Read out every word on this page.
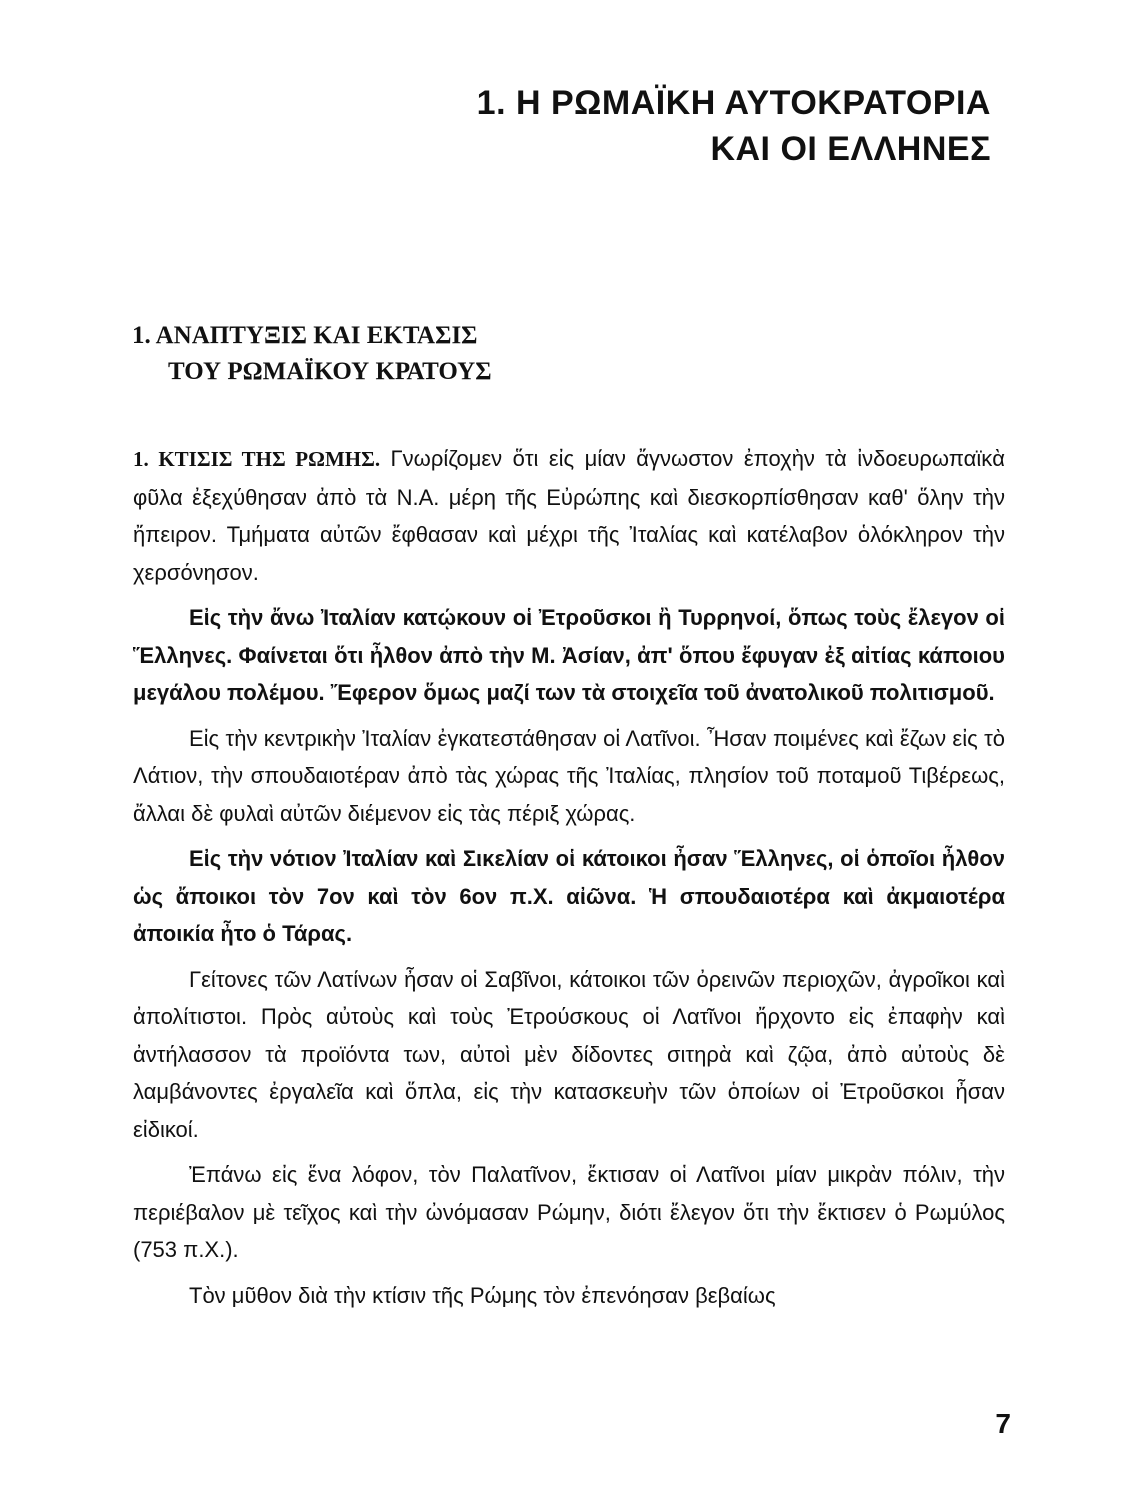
1. Η ΡΩΜΑΪΚΗ ΑΥΤΟΚΡΑΤΟΡΙΑ
ΚΑΙ ΟΙ ΕΛΛΗΝΕΣ
1. ΑΝΑΠΤΥΞΙΣ ΚΑΙ ΕΚΤΑΣΙΣ
ΤΟΥ ΡΩΜΑΪΚΟΥ ΚΡΑΤΟΥΣ

1. ΚΤΙΣΙΣ ΤΗΣ ΡΩΜΗΣ. Γνωρίζομεν ὅτι εἰς μίαν ἄγνωστον ἐποχὴν τὰ ἰνδοευρωπαϊκὰ φῦλα ἐξεχύθησαν ἀπὸ τὰ Ν.Α. μέρη τῆς Εὐρώπης καὶ διεσκορπίσθησαν καθ' ὅλην τὴν ἤπειρον. Τμήματα αὐτῶν ἔφθασαν καὶ μέχρι τῆς Ἰταλίας καὶ κατέλαβον ὁλόκληρον τὴν χερσόνησον.

Εἰς τὴν ἄνω Ἰταλίαν κατῴκουν οἱ Ἐτροῦσκοι ἢ Τυρρηνοί, ὅπως τοὺς ἔλεγον οἱ Ἕλληνες. Φαίνεται ὅτι ἦλθον ἀπὸ τὴν Μ. Ἀσίαν, ἀπ' ὅπου ἔφυγαν ἐξ αἰτίας κάποιου μεγάλου πολέμου. Ἔφερον ὅμως μαζί των τὰ στοιχεῖα τοῦ ἀνατολικοῦ πολιτισμοῦ.

Εἰς τὴν κεντρικὴν Ἰταλίαν ἐγκατεστάθησαν οἱ Λατῖνοι. Ἦσαν ποιμένες καὶ ἔζων εἰς τὸ Λάτιον, τὴν σπουδαιοτέραν ἀπὸ τὰς χώρας τῆς Ἰταλίας, πλησίον τοῦ ποταμοῦ Τιβέρεως, ἄλλαι δὲ φυλαὶ αὐτῶν διέμενον εἰς τὰς πέριξ χώρας.

Εἰς τὴν νότιον Ἰταλίαν καὶ Σικελίαν οἱ κάτοικοι ἦσαν Ἕλληνες, οἱ ὁποῖοι ἦλθον ὡς ἄποικοι τὸν 7ον καὶ τὸν 6ον π.Χ. αἰῶνα. Ἡ σπουδαιοτέρα καὶ ἀκμαιοτέρα ἀποικία ἦτο ὁ Τάρας.

Γείτονες τῶν Λατίνων ἦσαν οἱ Σαβῖνοι, κάτοικοι τῶν ὀρεινῶν περιοχῶν, ἀγροῖκοι καὶ ἀπολίτιστοι. Πρὸς αὐτοὺς καὶ τοὺς Ἐτρούσκους οἱ Λατῖνοι ἤρχοντο εἰς ἐπαφὴν καὶ ἀντήλασσον τὰ προϊόντα των, αὐτοὶ μὲν δίδοντες σιτηρὰ καὶ ζῷα, ἀπὸ αὐτοὺς δὲ λαμβάνοντες ἐργαλεῖα καὶ ὅπλα, εἰς τὴν κατασκευὴν τῶν ὁποίων οἱ Ἐτροῦσκοι ἦσαν εἰδικοί.

Ἐπάνω εἰς ἕνα λόφον, τὸν Παλατῖνον, ἔκτισαν οἱ Λατῖνοι μίαν μικρὰν πόλιν, τὴν περιέβαλον μὲ τεῖχος καὶ τὴν ὠνόμασαν Ρώμην, διότι ἔλεγον ὅτι τὴν ἔκτισεν ὁ Ρωμύλος (753 π.Χ.).

Τὸν μῦθον διὰ τὴν κτίσιν τῆς Ρώμης τὸν ἐπενόησαν βεβαίως

7
